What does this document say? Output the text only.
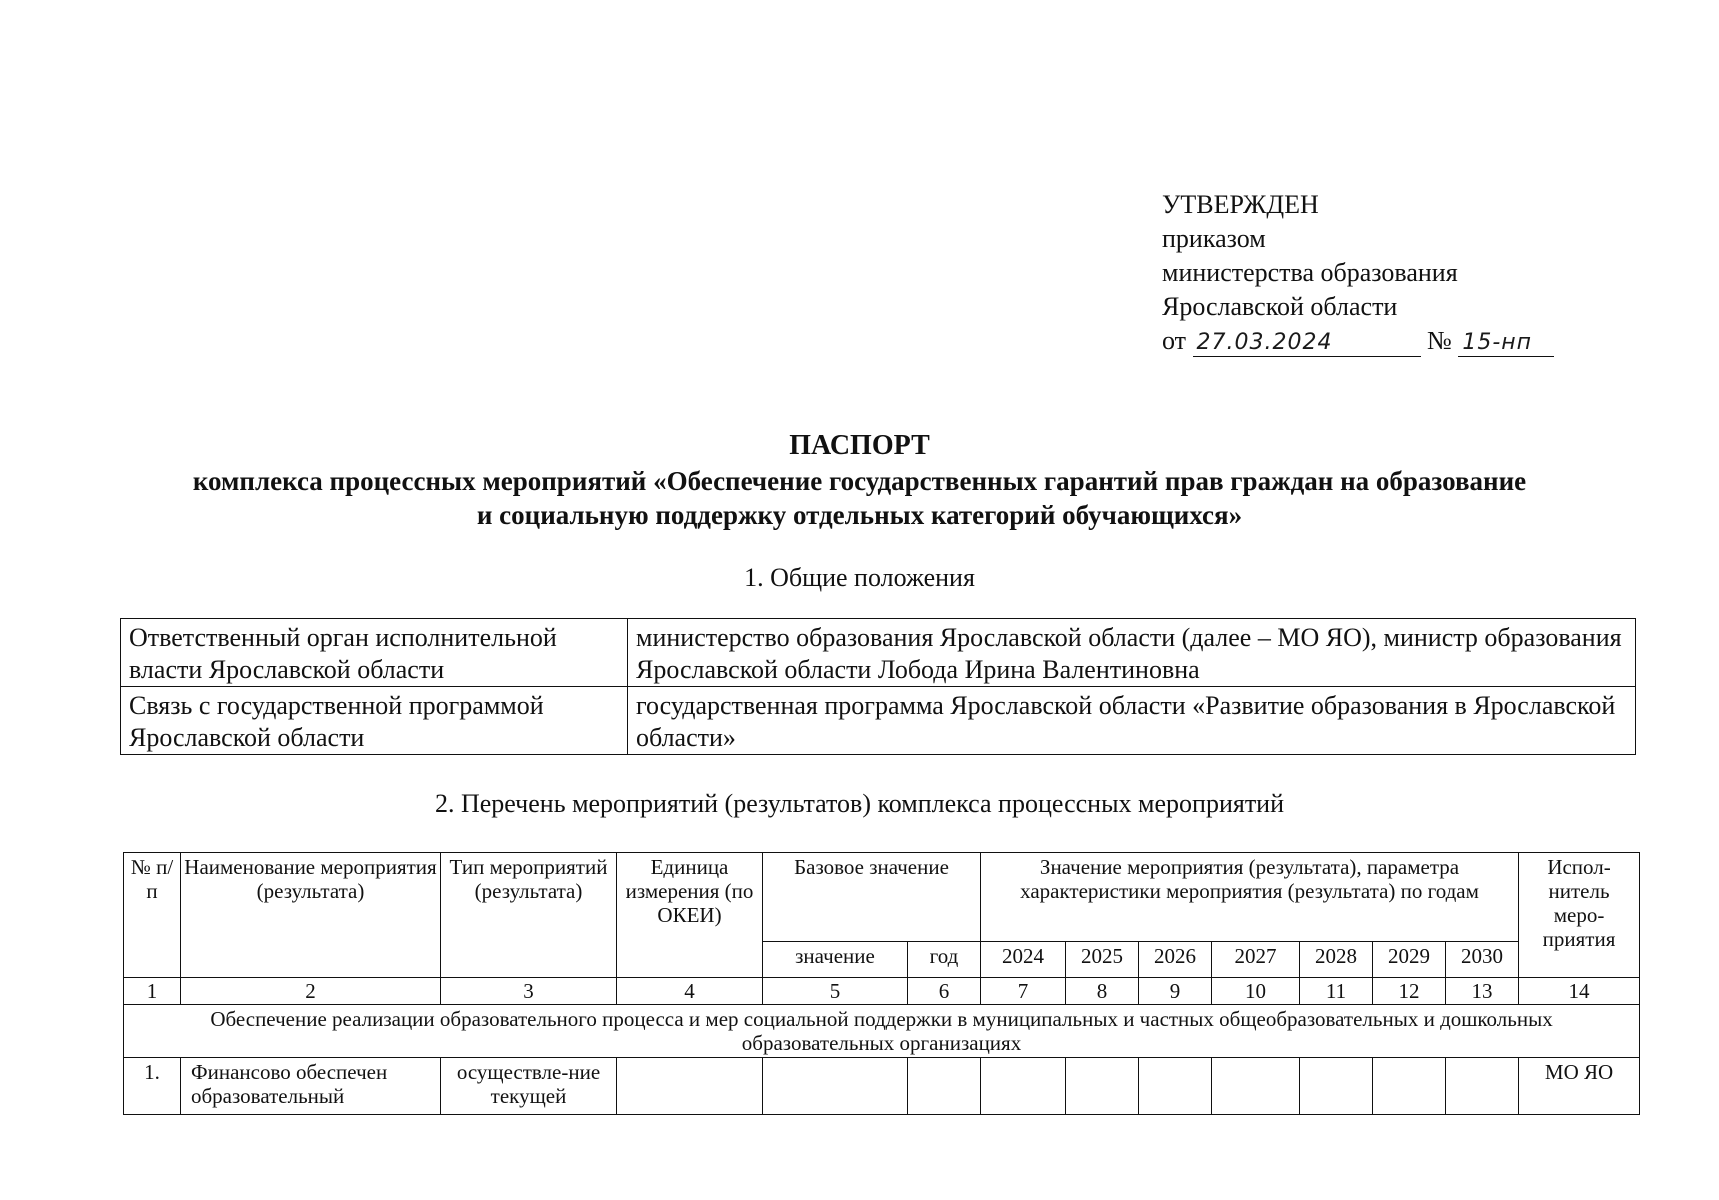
УТВЕРЖДЕН
приказом
министерства образования
Ярославской области
от 27.03.2024	№ 15-нп
ПАСПОРТ
комплекса процессных мероприятий «Обеспечение государственных гарантий прав граждан на образование
и социальную поддержку отдельных категорий обучающихся»
1. Общие положения
Ответственный орган исполнительной власти Ярославской области	министерство образования Ярославской области (далее – МО ЯО), министр образования Ярославской области Лобода Ирина Валентиновна
Связь с государственной программой Ярославской области	государственная программа Ярославской области «Развитие образования в Ярославской области»
2. Перечень мероприятий (результатов) комплекса процессных мероприятий
№ п/п	Наименование мероприятия (результата)	Тип мероприятий (результата)	Единица измерения (по ОКЕИ)	Базовое значение		Значение мероприятия (результата), параметра характеристики мероприятия (результата) по годам							Испол-нитель меро-приятия
				значение	год	2024	2025	2026	2027	2028	2029	2030	
1	2	3	4	5	6	7	8	9	10	11	12	13	14
Обеспечение реализации образовательного процесса и мер социальной поддержки в муниципальных и частных общеобразовательных и дошкольных образовательных организациях													
1.	Финансово обеспечен образовательный	осуществле-ние текущей											МО ЯО
